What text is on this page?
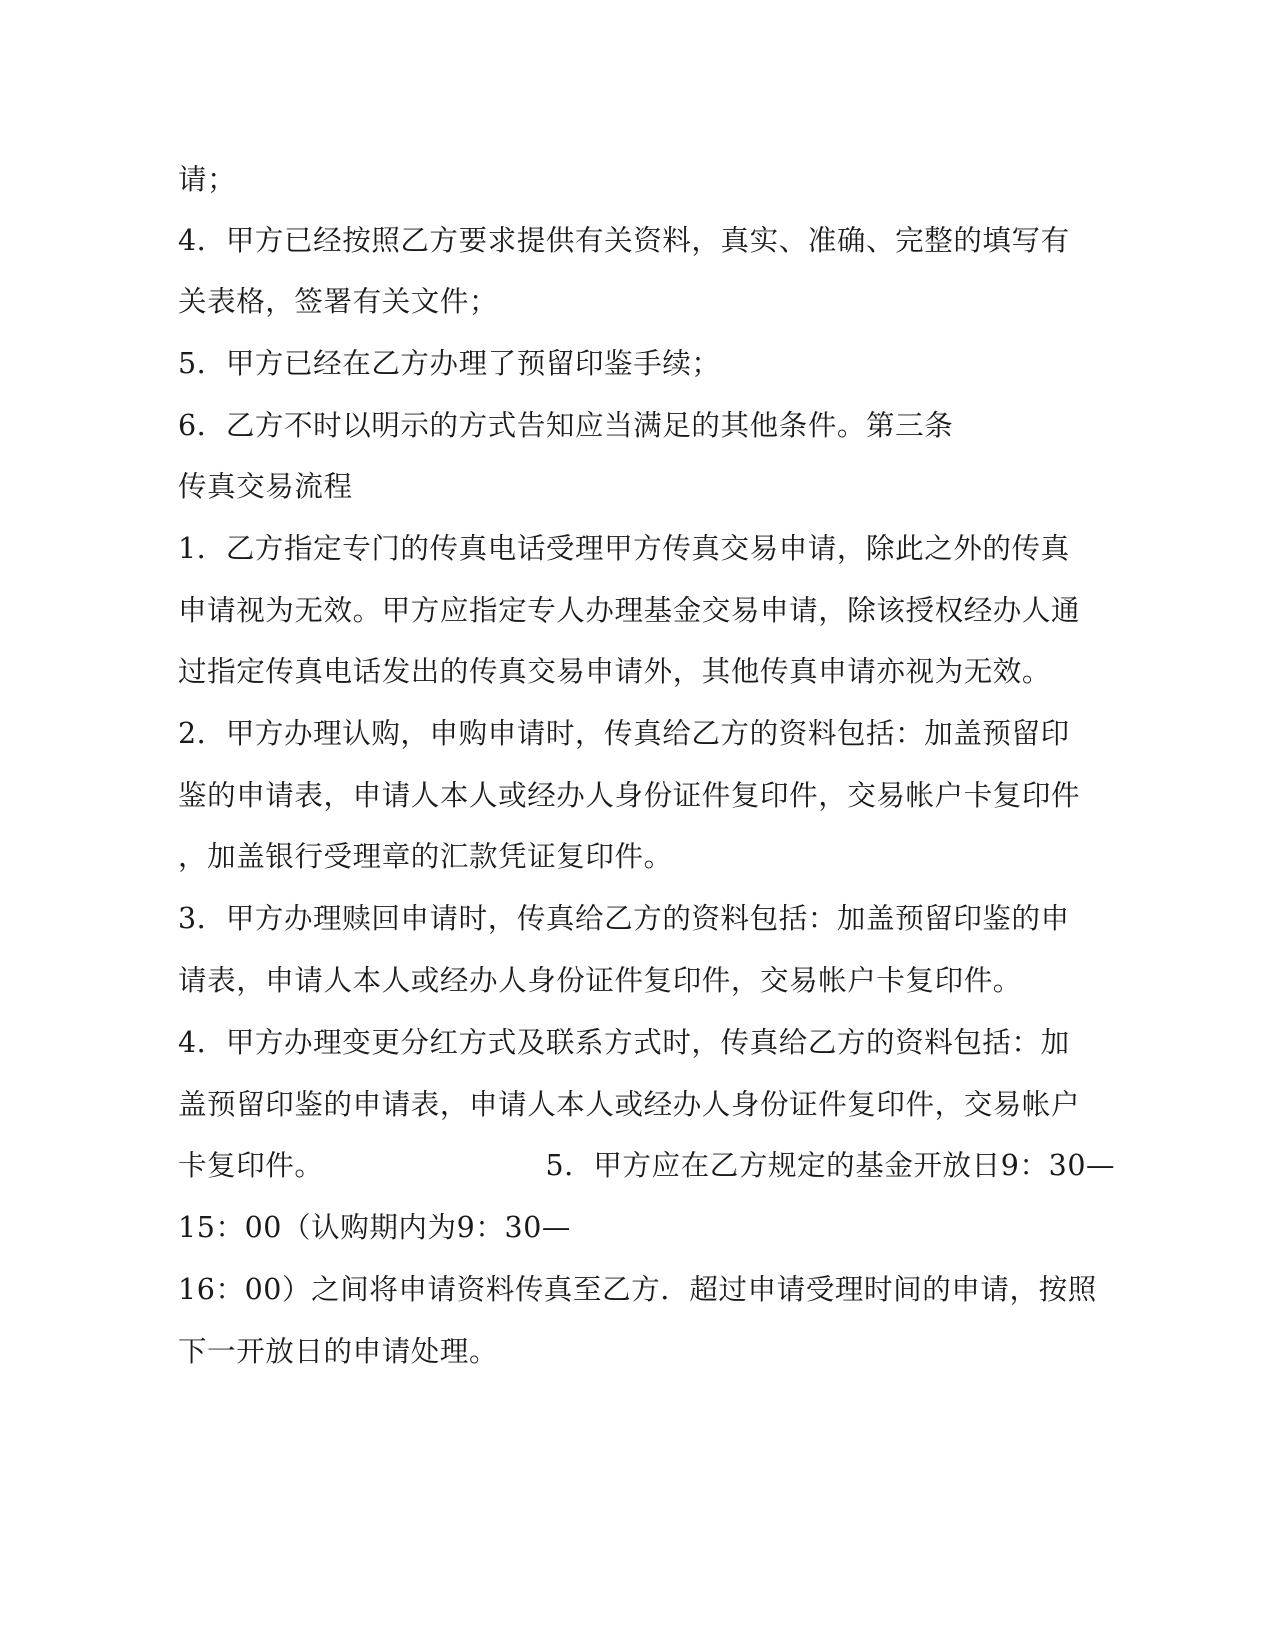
请；
4．甲方已经按照乙方要求提供有关资料，真实、准确、完整的填写有
关表格，签署有关文件；
5．甲方已经在乙方办理了预留印鉴手续；
6．乙方不时以明示的方式告知应当满足的其他条件。第三条
传真交易流程
1．乙方指定专门的传真电话受理甲方传真交易申请，除此之外的传真
申请视为无效。甲方应指定专人办理基金交易申请，除该授权经办人通
过指定传真电话发出的传真交易申请外，其他传真申请亦视为无效。
2．甲方办理认购，申购申请时，传真给乙方的资料包括：加盖预留印
鉴的申请表，申请人本人或经办人身份证件复印件，交易帐户卡复印件
，加盖银行受理章的汇款凭证复印件。
3．甲方办理赎回申请时，传真给乙方的资料包括：加盖预留印鉴的申
请表，申请人本人或经办人身份证件复印件，交易帐户卡复印件。
4．甲方办理变更分红方式及联系方式时，传真给乙方的资料包括：加
盖预留印鉴的申请表，申请人本人或经办人身份证件复印件，交易帐户
卡复印件。	5．甲方应在乙方规定的基金开放日9：30—
15：00（认购期内为9：30—
16：00）之间将申请资料传真至乙方．超过申请受理时间的申请，按照
下一开放日的申请处理。
